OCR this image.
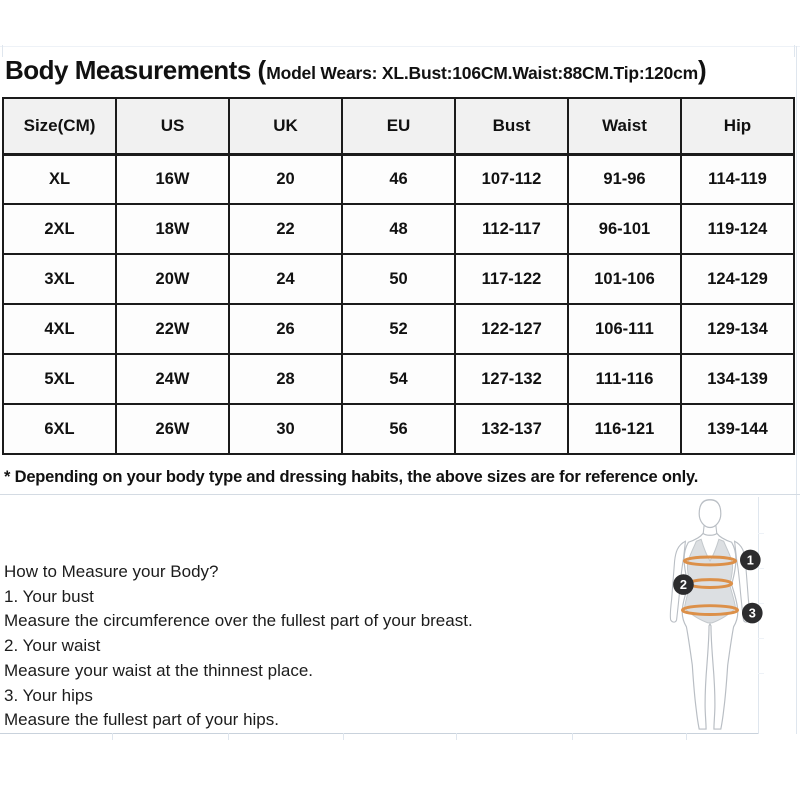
Body Measurements (Model Wears: XL.Bust:106CM.Waist:88CM.Tip:120cm)
Size(CM)	US	UK	EU	Bust	Waist	Hip
XL	16W	20	46	107-112	91-96	114-119
2XL	18W	22	48	112-117	96-101	119-124
3XL	20W	24	50	117-122	101-106	124-129
4XL	22W	26	52	122-127	106-111	129-134
5XL	24W	28	54	127-132	111-116	134-139
6XL	26W	30	56	132-137	116-121	139-144
* Depending on your body type and dressing habits, the above sizes are for reference only.
How to Measure your Body?
1. Your bust
Measure the circumference over the fullest part of your breast.
2. Your waist
Measure your waist at the thinnest place.
3. Your hips
Measure the fullest part of your hips.
1
2
3
